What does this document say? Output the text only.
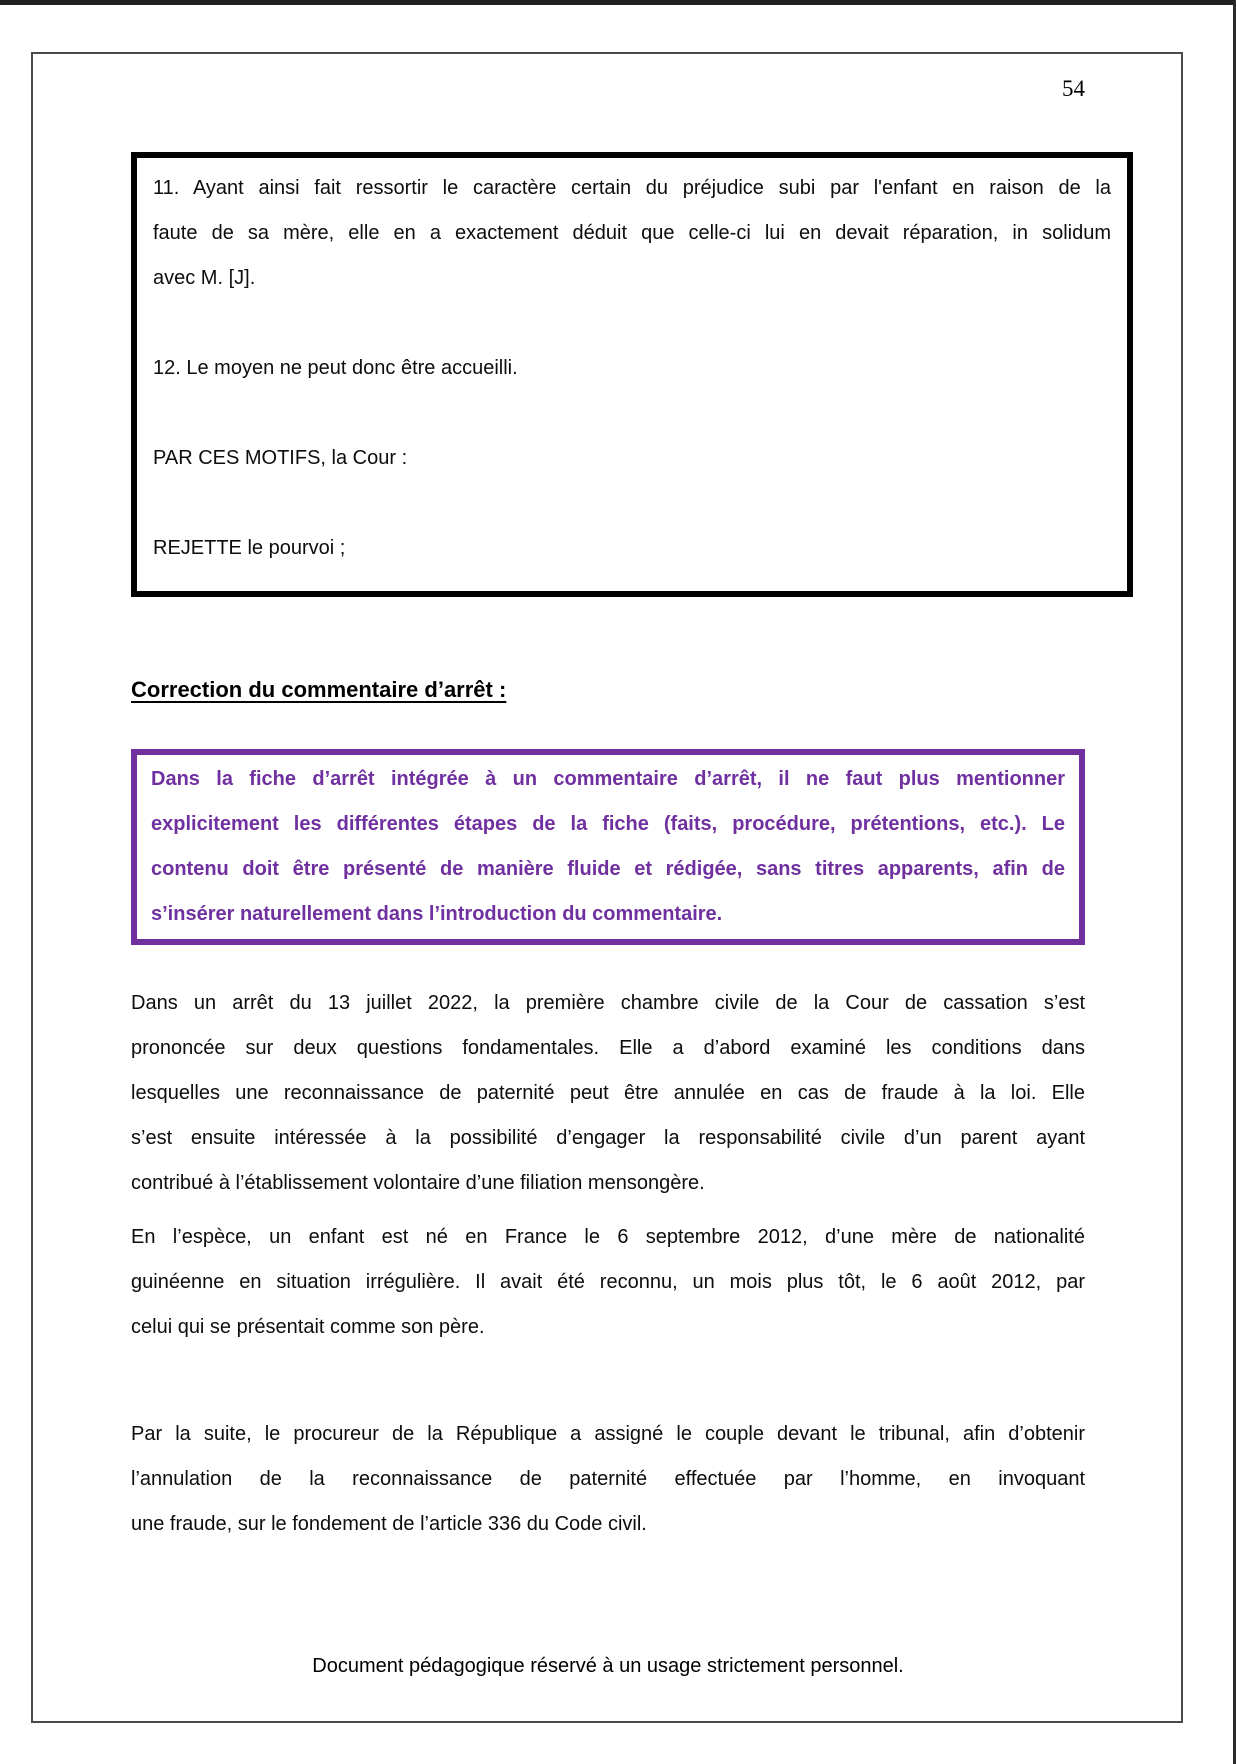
54
11. Ayant ainsi fait ressortir le caractère certain du préjudice subi par l'enfant en raison de la
faute de sa mère, elle en a exactement déduit que celle-ci lui en devait réparation, in solidum
avec M. [J].
12. Le moyen ne peut donc être accueilli.
PAR CES MOTIFS, la Cour :
REJETTE le pourvoi ;
Correction du commentaire d’arrêt :
Dans la fiche d’arrêt intégrée à un commentaire d’arrêt, il ne faut plus mentionner
explicitement les différentes étapes de la fiche (faits, procédure, prétentions, etc.). Le
contenu doit être présenté de manière fluide et rédigée, sans titres apparents, afin de
s’insérer naturellement dans l’introduction du commentaire.
Dans un arrêt du 13 juillet 2022, la première chambre civile de la Cour de cassation s’est
prononcée sur deux questions fondamentales. Elle a d’abord examiné les conditions dans
lesquelles une reconnaissance de paternité peut être annulée en cas de fraude à la loi. Elle
s’est ensuite intéressée à la possibilité d’engager la responsabilité civile d’un parent ayant
contribué à l’établissement volontaire d’une filiation mensongère.
En l’espèce, un enfant est né en France le 6 septembre 2012, d’une mère de nationalité
guinéenne en situation irrégulière. Il avait été reconnu, un mois plus tôt, le 6 août 2012, par
celui qui se présentait comme son père.
Par la suite, le procureur de la République a assigné le couple devant le tribunal, afin d’obtenir
l’annulation de la reconnaissance de paternité effectuée par l’homme, en invoquant
une fraude, sur le fondement de l’article 336 du Code civil.
Document pédagogique réservé à un usage strictement personnel.
